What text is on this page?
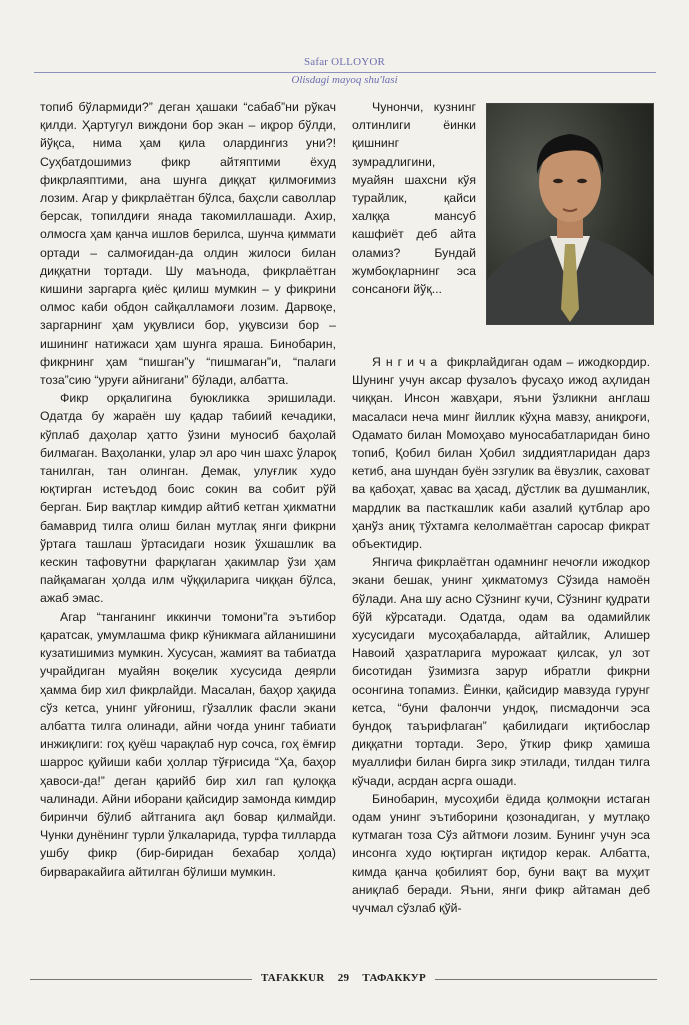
Safar OLLOYOR
Olisdagi mayoq shu'lasi

топиб бўлармиди?” деган ҳашаки “сабаб”ни рўкач қилди. Ҳартугул виждони бор экан – иқрор бўлди, йўқса, нима ҳам қила олардингиз уни?! Суҳбатдошимиз фикр айтяптими ёхуд фикрлаяптими, ана шунга диққат қилмоғимиз лозим. Агар у фикрлаётган бўлса, баҳсли саволлар берсак, топилдиғи янада такомиллашади. Ахир, олмосга ҳам қанча ишлов берилса, шунча қиммати ортади – салмоғидан-да олдин жилоси билан диққатни тортади. Шу маънода, фикрлаётган кишини заргарга қиёс қилиш мумкин – у фикрини олмос каби обдон сайқалламоғи лозим. Дарвоқе, заргарнинг ҳам уқувлиси бор, уқувсизи бор – ишининг натижаси ҳам шунга яраша. Бинобарин, фикрнинг ҳам “пишган”у “пишмаган”и, “палаги тоза”сию “уруғи айнигани” бўлади, албатта.

Фикр орқалигина буюкликка эришилади. Одатда бу жараён шу қадар табиий кечадики, кўплаб даҳолар ҳатто ўзини муносиб баҳолай билмаган. Ваҳоланки, улар эл аро чин шахс ўлароқ танилган, тан олинган. Демак, улуғлик худо юқтирган истеъдод боис сокин ва собит рўй берган. Бир вақтлар кимдир айтиб кетган ҳикматни бамаврид тилга олиш билан мутлақ янги фикрни ўртага ташлаш ўртасидаги нозик ўхшашлик ва кескин тафовутни фарқлаган ҳакимлар ўзи ҳам пайқамаган ҳолда илм чўққиларига чиққан бўлса, ажаб эмас.

Агар “танганинг иккинчи томони”га эътибор қаратсак, умумлашма фикр кўникмага айланишини кузатишимиз мумкин. Хусусан, жамият ва табиатда учрайдиган муайян воқелик хусусида деярли ҳамма бир хил фикрлайди. Масалан, баҳор ҳақида сўз кетса, унинг уйғониш, гўзаллик фасли экани албатта тилга олинади, айни чоғда унинг табиати инжиқлиги: гоҳ қуёш чарақлаб нур сочса, гоҳ ёмғир шаррос қуйиши каби ҳоллар тўғрисида “Ҳа, баҳор ҳавоси-да!” деган қарийб бир хил гап қулоққа чалинади. Айни иборани қайсидир замонда кимдир биринчи бўлиб айтганига ақл бовар қилмайди. Чунки дунёнинг турли ўлкаларида, турфа тилларда ушбу фикр (бир-биридан бехабар ҳолда) бирваракайига айтилган бўлиши мумкин.

Чунончи, кузнинг олтинлиги ёинки қишнинг зумрадлигини, муайян шахсни кўя турайлик, қайси халққа мансуб кашфиёт деб айта оламиз? Бундай жумбоқларнинг эса сонсаноғи йўқ...

Янгича фикрлайдиган одам – ижодкордир. Шунинг учун аксар фузалоъ фусаҳо ижод аҳлидан чиққан. Инсон жавҳари, яъни ўзликни англаш масаласи неча минг йиллик кўҳна мавзу, аниқроғи, Одамато билан Момоҳаво муносабатларидан бино топиб, Қобил билан Ҳобил зиддиятларидан дарз кетиб, ана шундан буён эзгулик ва ёвузлик, саховат ва қабоҳат, ҳавас ва ҳасад, дўстлик ва душманлик, мардлик ва пасткашлик каби азалий қутблар аро ҳанўз аниқ тўхтамга келолмаётган саросар фикрат объектидир.

Янгича фикрлаётган одамнинг нечоғли ижодкор экани бешак, унинг ҳикматомуз Сўзида намоён бўлади. Ана шу асно Сўзнинг кучи, Сўзнинг қудрати бўй кўрсатади. Одатда, одам ва одамийлик хусусидаги мусоҳабаларда, айтайлик, Алишер Навоий ҳазратларига мурожаат қилсак, ул зот бисотидан ўзимизга зарур ибратли фикрни осонгина топамиз. Ёинки, қайсидир мавзуда гурунг кетса, “буни фалончи ундоқ, писмадончи эса бундоқ таърифлаган” қабилидаги иқтибослар диққатни тортади. Зеро, ўткир фикр ҳамиша муаллифи билан бирга зикр этилади, тилдан тилга кўчади, асрдан асрга ошади.

Бинобарин, мусоҳиби ёдида қолмоқни истаган одам унинг эътиборини қозонадиган, у мутлақо кутмаган тоза Сўз айтмоғи лозим. Бунинг учун эса инсонга худо юқтирган иқтидор керак. Албатта, кимда қанча қобилият бор, буни вақт ва муҳит аниқлаб беради. Яъни, янги фикр айтаман деб чучмал сўзлаб қўй-

TAFAKKUR 29 ТАФАККУР
